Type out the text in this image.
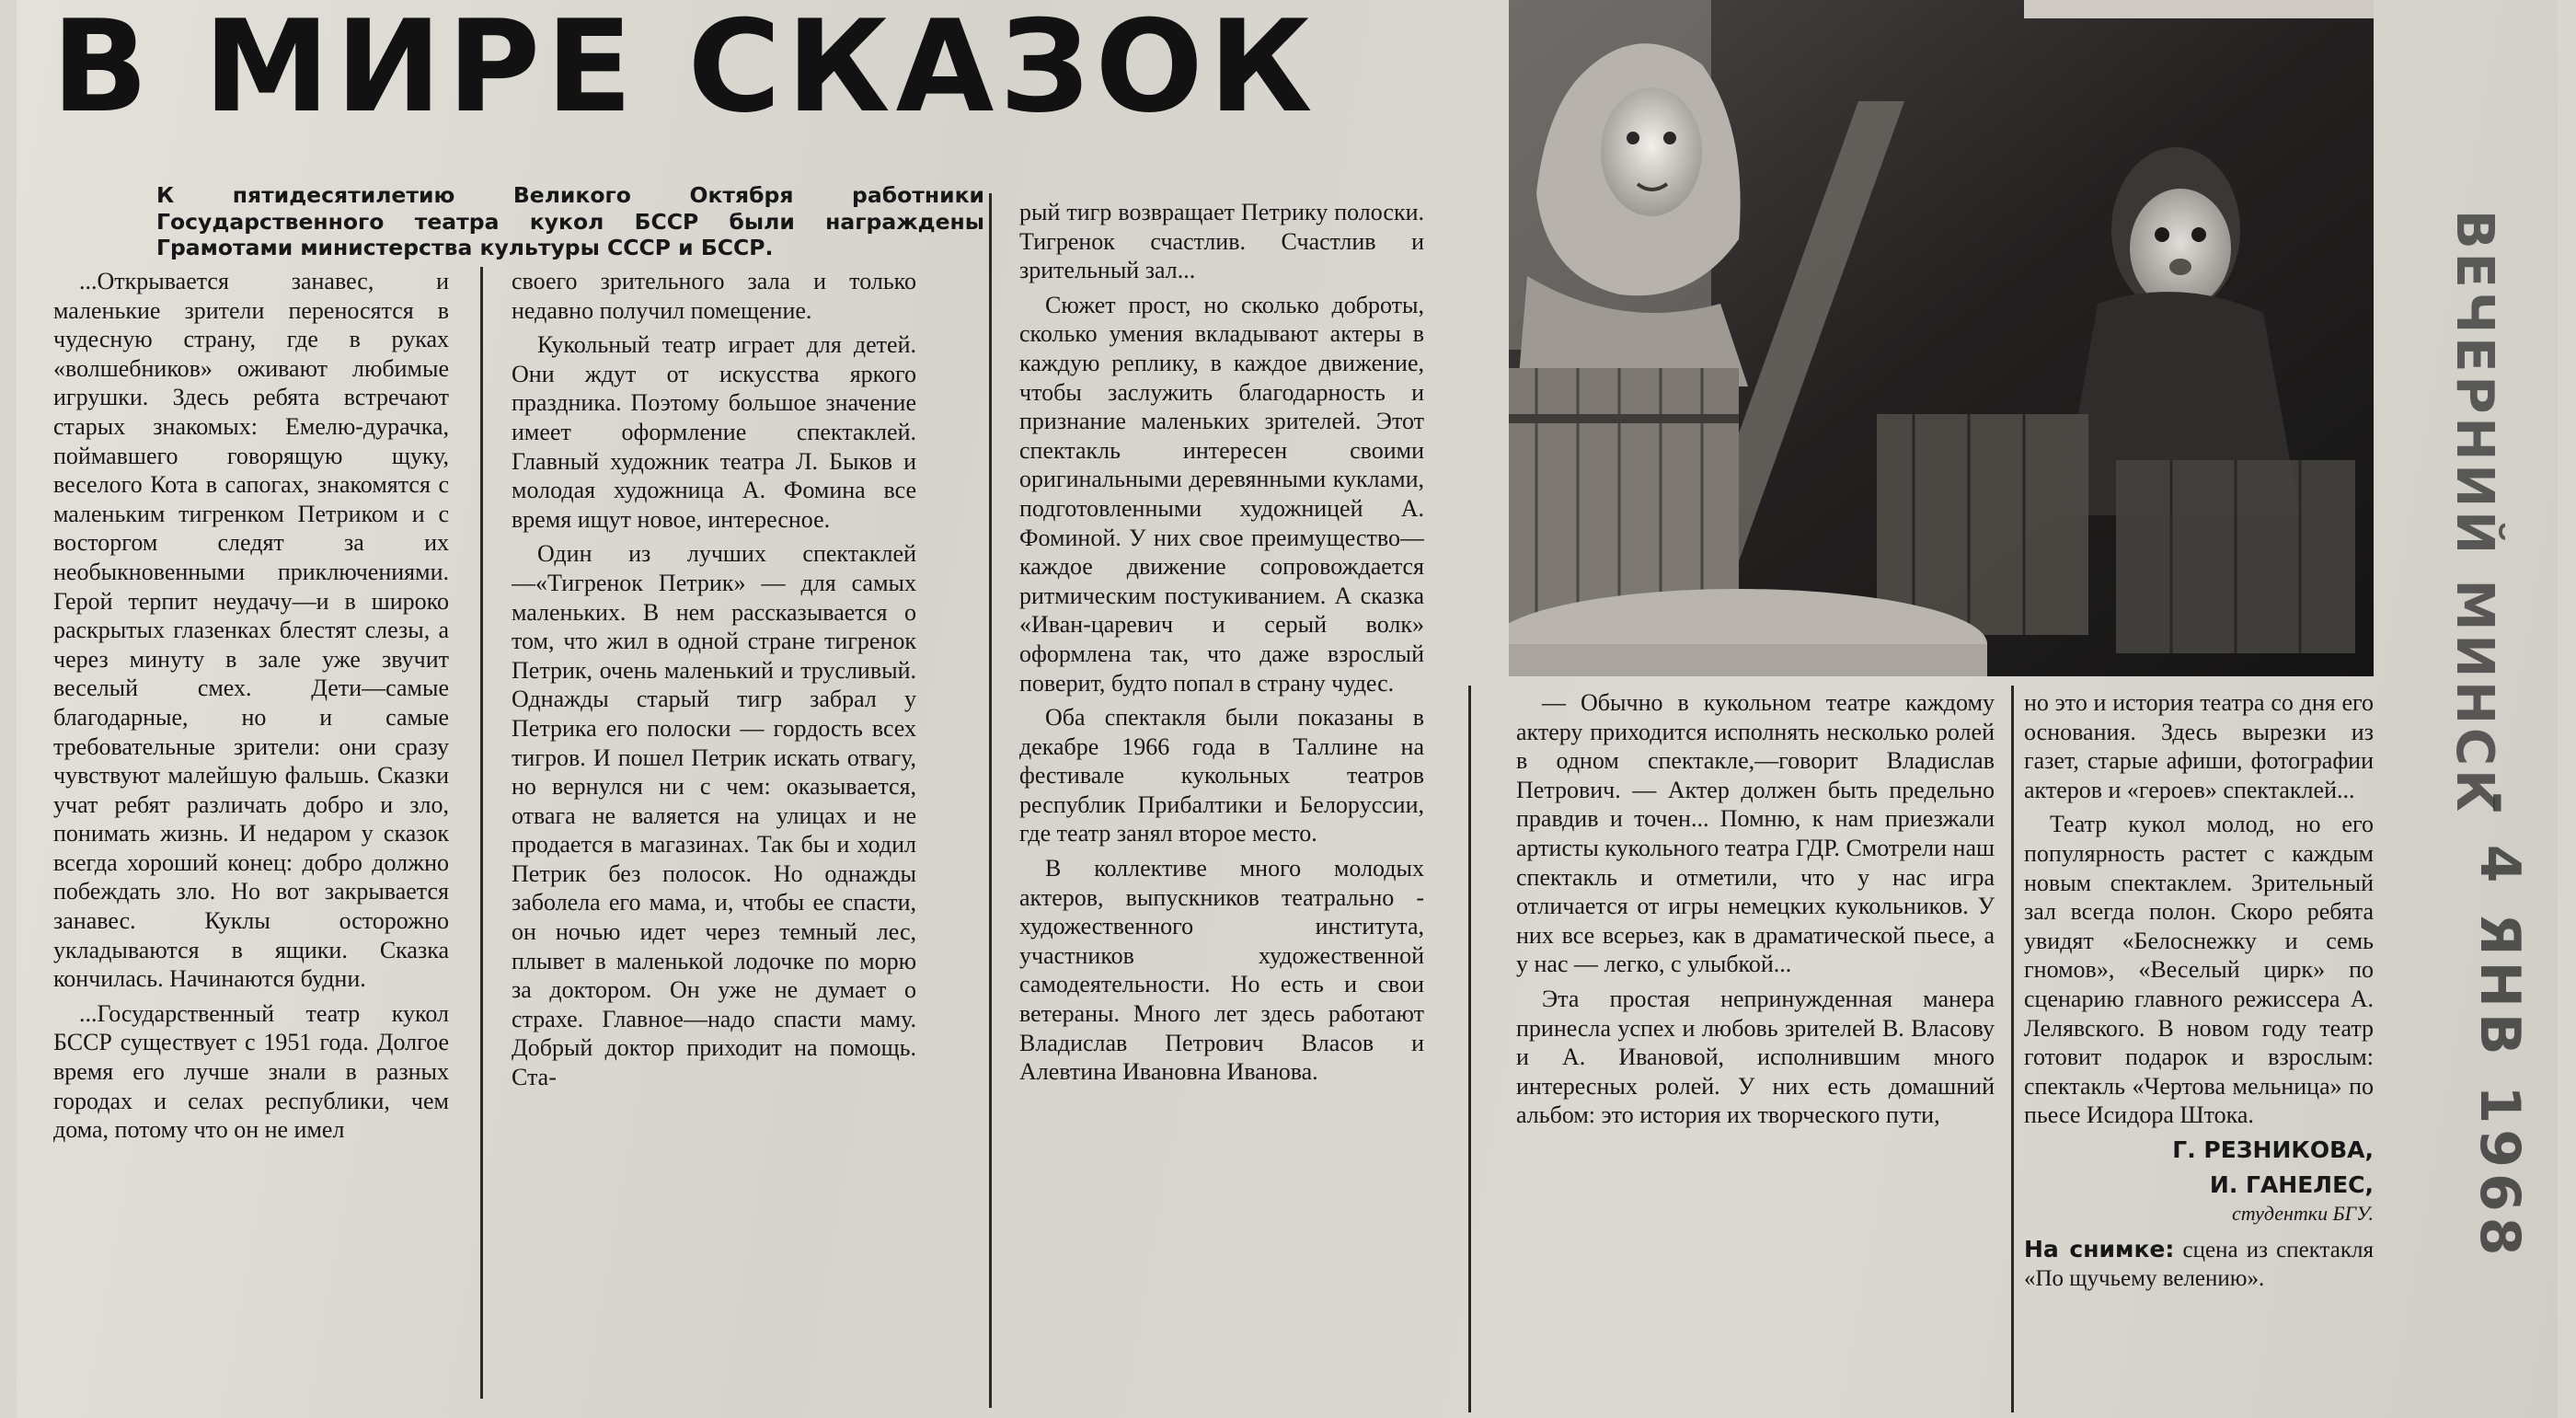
В МИРЕ СКАЗОК

К пятидесятилетию Великого Октября работники Государственного театра кукол БССР были награждены Грамотами министерства культуры СССР и БССР.

...Открывается занавес, и маленькие зрители переносятся в чудесную страну, где в руках «волшебников» оживают любимые игрушки. Здесь ребята встречают старых знакомых: Емелю-дурачка, поймавшего говорящую щуку, веселого Кота в сапогах, знакомятся с маленьким тигренком Петриком и с восторгом следят за их необыкновенными приключениями. Герой терпит неудачу—и в широко раскрытых глазенках блестят слезы, а через минуту в зале уже звучит веселый смех. Дети—самые благодарные, но и самые требовательные зрители: они сразу чувствуют малейшую фальшь. Сказки учат ребят различать добро и зло, понимать жизнь. И недаром у сказок всегда хороший конец: добро должно побеждать зло. Но вот закрывается занавес. Куклы осторожно укладываются в ящики. Сказка кончилась. Начинаются будни.

...Государственный театр кукол БССР существует с 1951 года. Долгое время его лучше знали в разных городах и селах республики, чем дома, потому что он не имел

своего зрительного зала и только недавно получил помещение.

Кукольный театр играет для детей. Они ждут от искусства яркого праздника. Поэтому большое значение имеет оформление спектаклей. Главный художник театра Л. Быков и молодая художница А. Фомина все время ищут новое, интересное.

Один из лучших спектаклей—«Тигренок Петрик» — для самых маленьких. В нем рассказывается о том, что жил в одной стране тигренок Петрик, очень маленький и трусливый. Однажды старый тигр забрал у Петрика его полоски — гордость всех тигров. И пошел Петрик искать отвагу, но вернулся ни с чем: оказывается, отвага не валяется на улицах и не продается в магазинах. Так бы и ходил Петрик без полосок. Но однажды заболела его мама, и, чтобы ее спасти, он ночью идет через темный лес, плывет в маленькой лодочке по морю за доктором. Он уже не думает о страхе. Главное—надо спасти маму. Добрый доктор приходит на помощь. Ста-

рый тигр возвращает Петрику полоски. Тигренок счастлив. Счастлив и зрительный зал...

Сюжет прост, но сколько доброты, сколько умения вкладывают актеры в каждую реплику, в каждое движение, чтобы заслужить благодарность и признание маленьких зрителей. Этот спектакль интересен своими оригинальными деревянными куклами, подготовленными художницей А. Фоминой. У них свое преимущество—каждое движение сопровождается ритмическим постукиванием. А сказка «Иван-царевич и серый волк» оформлена так, что даже взрослый поверит, будто попал в страну чудес.

Оба спектакля были показаны в декабре 1966 года в Таллине на фестивале кукольных театров республик Прибалтики и Белоруссии, где театр занял второе место.

В коллективе много молодых актеров, выпускников театрально - художественного института, участников художественной самодеятельности. Но есть и свои ветераны. Много лет здесь работают Владислав Петрович Власов и Алевтина Ивановна Иванова.

— Обычно в кукольном театре каждому актеру приходится исполнять несколько ролей в одном спектакле,—говорит Владислав Петрович. — Актер должен быть предельно правдив и точен... Помню, к нам приезжали артисты кукольного театра ГДР. Смотрели наш спектакль и отметили, что у нас игра отличается от игры немецких кукольников. У них все всерьез, как в драматической пьесе, а у нас — легко, с улыбкой...

Эта простая непринужденная манера принесла успех и любовь зрителей В. Власову и А. Ивановой, исполнившим много интересных ролей. У них есть домашний альбом: это история их творческого пути,

но это и история театра со дня его основания. Здесь вырезки из газет, старые афиши, фотографии актеров и «героев» спектаклей...

Театр кукол молод, но его популярность растет с каждым новым спектаклем. Зрительный зал всегда полон. Скоро ребята увидят «Белоснежку и семь гномов», «Веселый цирк» по сценарию главного режиссера А. Лелявского. В новом году театр готовит подарок и взрослым: спектакль «Чертова мельница» по пьесе Исидора Штока.

Г. РЕЗНИКОВА,
И. ГАНЕЛЕС,
студентки БГУ.
На снимке: сцена из спектакля «По щучьему велению».
ВЕЧЕРНИЙ МИНСК
- 4 ЯНВ 1968
